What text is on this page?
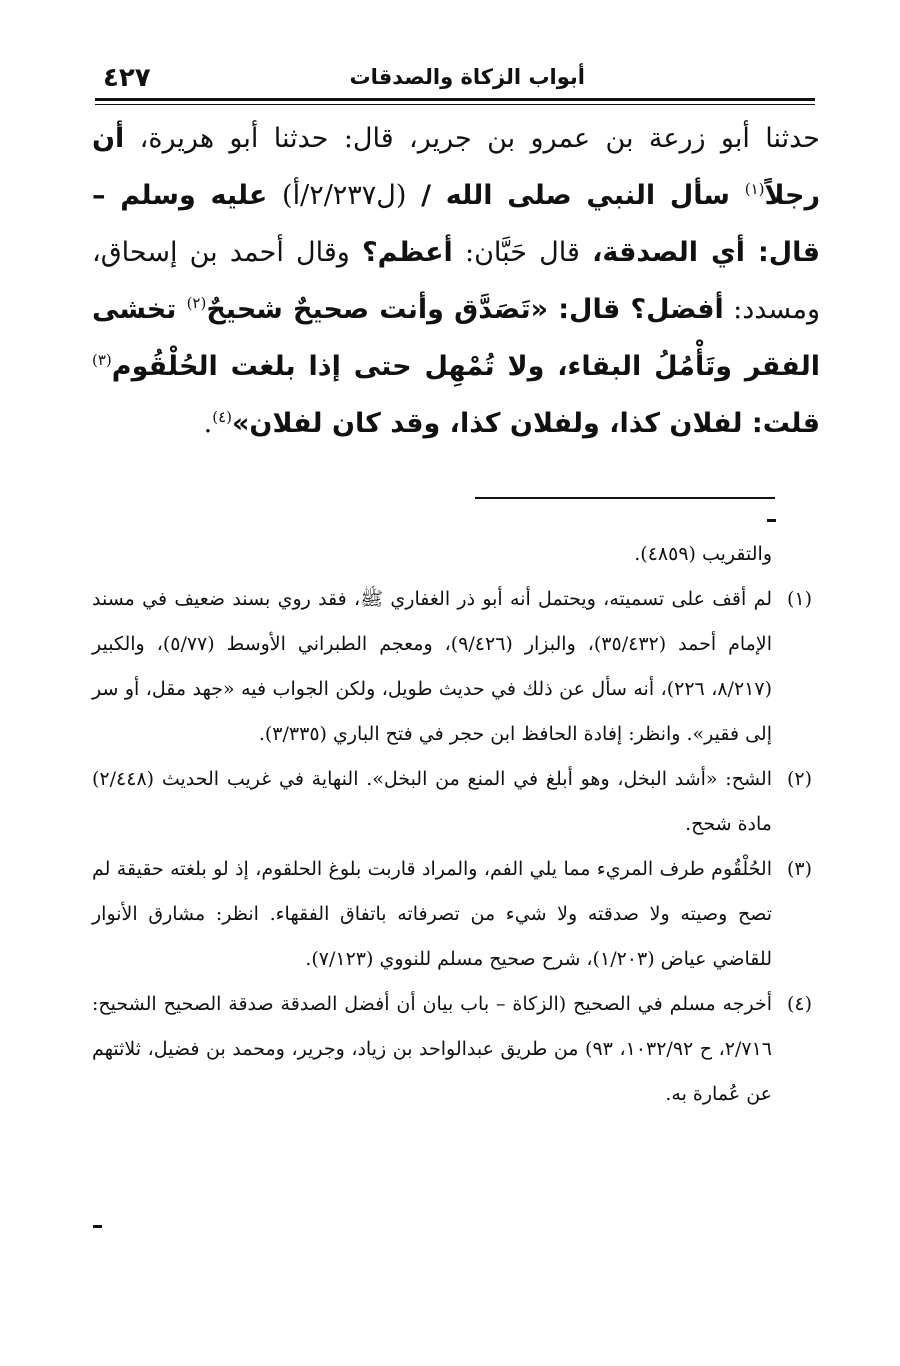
٤٢٧	أبواب الزكاة والصدقات

حدثنا أبو زرعة بن عمرو بن جرير، قال: حدثنا أبو هريرة، أن رجلاً$^{(١)}$ سأل النبي صلى الله / (ل٢/٢٣٧/أ) عليه وسلم – قال: أي الصدقة، قال حَبَّان: أعظم؟ وقال أحمد بن إسحاق، ومسدد: أفضل؟ قال: «تَصَدَّق وأنت صحيحٌ شحيحٌ$^{(٢)}$ تخشى الفقر وتَأْمُلُ البقاء، ولا تُمْهِل حتى إذا بلغت الحُلْقُوم$^{(٣)}$ قلت: لفلان كذا، ولفلان كذا، وقد كان لفلان»$^{(٤)}$.

والتقريب (٤٨٥٩).

(١)
لم أقف على تسميته، ويحتمل أنه أبو ذر الغفاري ﷺ، فقد روي بسند ضعيف في مسند الإمام أحمد (٣٥/٤٣٢)، والبزار (٩/٤٢٦)، ومعجم الطبراني الأوسط (٥/٧٧)، والكبير (٨/٢١٧، ٢٢٦)، أنه سأل عن ذلك في حديث طويل، ولكن الجواب فيه «جهد مقل، أو سر إلى فقير». وانظر: إفادة الحافظ ابن حجر في فتح الباري (٣/٣٣٥).
(٢)
الشح: «أشد البخل، وهو أبلغ في المنع من البخل». النهاية في غريب الحديث (٢/٤٤٨) مادة شحح.
(٣)
الحُلْقُوم طرف المريء مما يلي الفم، والمراد قاربت بلوغ الحلقوم، إذ لو بلغته حقيقة لم تصح وصيته ولا صدقته ولا شيء من تصرفاته باتفاق الفقهاء. انظر: مشارق الأنوار للقاضي عياض (١/٢٠٣)، شرح صحيح مسلم للنووي (٧/١٢٣).
(٤)
أخرجه مسلم في الصحيح (الزكاة – باب بيان أن أفضل الصدقة صدقة الصحيح الشحيح: ٢/٧١٦، ح ١٠٣٢/٩٢، ٩٣) من طريق عبدالواحد بن زياد، وجرير، ومحمد بن فضيل، ثلاثتهم عن عُمارة به.
